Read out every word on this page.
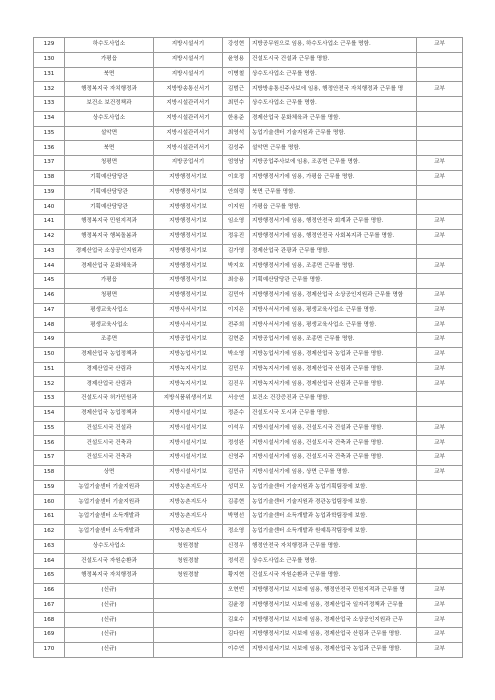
129	하수도사업소	지방시설서기	강성현	지방공무원으로 임용, 하수도사업소 근무를 명함.	교부
130	가평읍	지방시설서기	윤영용	건설도시국 건설과 근무를 명함.	
131	북면	지방시설서기	이병철	상수도사업소 근무를 명함.	
132	행정복지국 자치행정과	지방방송통신서기	김범근	지방방송통신주사보에 임용, 행정안전국 자치행정과 근무를 명	교부
133	보건소 보건정책과	지방시설관리서기	최민수	상수도사업소 근무를 명함.	
134	상수도사업소	지방시설관리서기	한용준	경제산업국 문화체육과 근무를 명함.	
135	설악면	지방시설관리서기	최영석	농업기술센터 기술지원과 근무를 명함.	
136	북면	지방시설관리서기	김성주	설악면 근무를 명함.	
137	청평면	지방공업서기	엄영남	지방공업주사보에 임용, 조종면 근무를 명함.	교부
138	기획예산담당관	지방행정서기보	이호정	지방행정서기에 임용, 가평읍 근무를 명함.	교부
139	기획예산담당관	지방행정서기보	안희령	북면 근무를 명함.	
140	기획예산담당관	지방행정서기보	이지원	가평읍 근무를 명함.	
141	행정복지국 민원지적과	지방행정서기보	임소영	지방행정서기에 임용, 행정안전국 회계과 근무를 명함.	교부
142	행정복지국 행복돌봄과	지방행정서기보	정유진	지방행정서기에 임용, 행정안전국 사회복지과 근무를 명함.	교부
143	경제산업국 소상공인지원과	지방행정서기보	김가영	경제산업국 관광과 근무를 명함.	
144	경제산업국 문화체육과	지방행정서기보	박지호	지방행정서기에 임용, 조종면 근무를 명함.	교부
145	가평읍	지방행정서기보	최승용	기획예산담당관 근무를 명함.	
146	청평면	지방행정서기보	김민아	지방행정서기에 임용, 경제산업국 소상공인지원과 근무를 명함	교부
147	평생교육사업소	지방사서서기보	이지은	지방사서서기에 임용, 평생교육사업소 근무를 명함.	교부
148	평생교육사업소	지방사서서기보	전주희	지방사서서기에 임용, 평생교육사업소 근무를 명함.	교부
149	조종면	지방공업서기보	김현준	지방공업서기에 임용, 조종면 근무를 명함.	교부
150	경제산업국 농업정책과	지방농업서기보	박소영	지방농업서기에 임용, 경제산업국 농업과 근무를 명함.	교부
151	경제산업국 산림과	지방녹지서기보	김민우	지방녹지서기에 임용, 경제산업국 산림과 근무를 명함.	교부
152	경제산업국 산림과	지방녹지서기보	김진우	지방녹지서기에 임용, 경제산업국 산림과 근무를 명함.	교부
153	건설도시국 허가민원과	지방식품위생서기보	서승연	보건소 건강증진과 근무를 명함.	
154	경제산업국 농업정책과	지방시설서기보	정준수	건설도시국 도시과 근무를 명함.	
155	건설도시국 건설과	지방시설서기보	이석우	지방시설서기에 임용, 건설도시국 건설과 근무를 명함.	교부
156	건설도시국 건축과	지방시설서기보	정성완	지방시설서기에 임용, 건설도시국 건축과 근무를 명함.	교부
157	건설도시국 건축과	지방시설서기보	신영주	지방시설서기에 임용, 건설도시국 건축과 근무를 명함.	교부
158	상면	지방시설서기보	김민규	지방시설서기에 임용, 상면 근무를 명함.	교부
159	농업기술센터 기술지원과	지방농촌지도사	성덕모	농업기술센터 기술지원과 농업기획팀장에 보함.	
160	농업기술센터 기술지원과	지방농촌지도사	김종현	농업기술센터 기술지원과 경관농업팀장에 보함.	
161	농업기술센터 소득개발과	지방농촌지도사	박명선	농업기술센터 소득개발과 농업과학팀장에 보함.	
162	농업기술센터 소득개발과	지방농촌지도사	정소영	농업기술센터 소득개발과 원예특작팀장에 보함.	
163	상수도사업소	청원경찰	신정우	행정안전국 자치행정과 근무를 명함.	
164	건설도시국 자원순환과	청원경찰	정석진	상수도사업소 근무를 명함.	
165	행정복지국 자치행정과	청원경찰	황지현	건설도시국 자원순환과 근무를 명함.	
166	(신규)		오현빈	지방행정서기보 시보에 임용, 행정안전국 민원지적과 근무를 명	교부
167	(신규)		김윤경	지방행정서기보 시보에 임용, 경제산업국 일자리정책과 근무를	교부
168	(신규)		김효수	지방행정서기보 시보에 임용, 경제산업국 소상공인지원과 근무	교부
169	(신규)		김다원	지방행정서기보 시보에 임용, 경제산업국 산림과 근무를 명함.	교부
170	(신규)		이수연	지방시설서기보 시보에 임용, 경제산업국 농업과 근무를 명함.	교부
